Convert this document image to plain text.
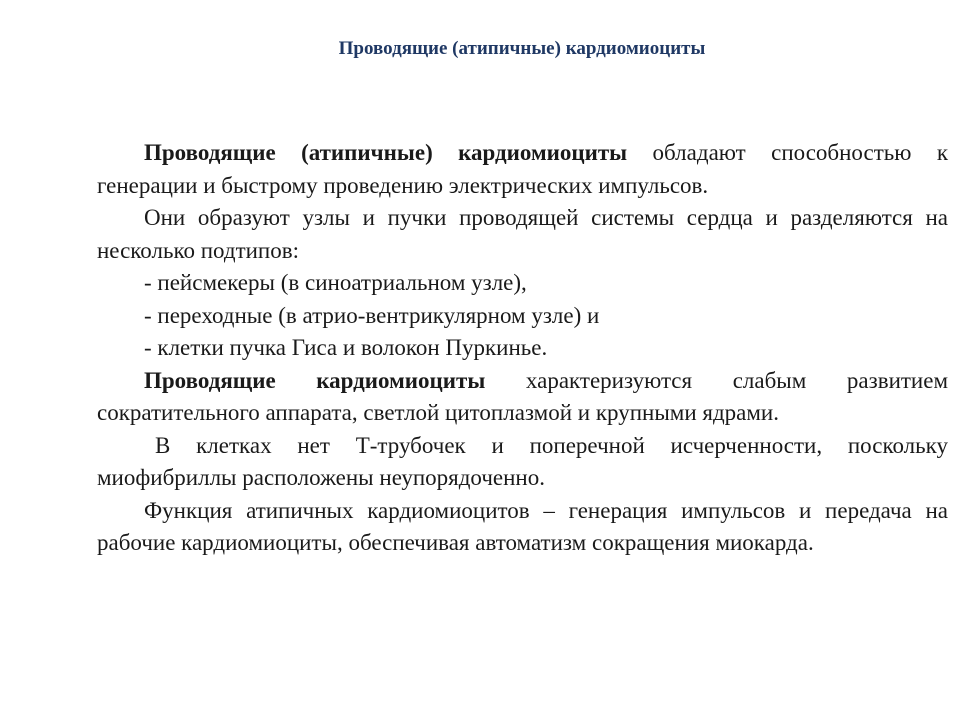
Проводящие (атипичные) кардиомиоциты

Проводящие (атипичные) кардиомиоциты обладают способностью к генерации и быстрому проведению электрических импульсов.

Они образуют узлы и пучки проводящей системы сердца и разделяются на несколько подтипов:

- пейсмекеры (в синоатриальном узле),

- переходные (в атрио-вентрикулярном узле) и

- клетки пучка Гиса и волокон Пуркинье.

Проводящие кардиомиоциты характеризуются слабым развитием сократительного аппарата, светлой цитоплазмой и крупными ядрами.

В клетках нет Т-трубочек и поперечной исчерченности, поскольку миофибриллы расположены неупорядоченно.

Функция атипичных кардиомиоцитов – генерация импульсов и передача на рабочие кардиомиоциты, обеспечивая автоматизм сокращения миокарда.
